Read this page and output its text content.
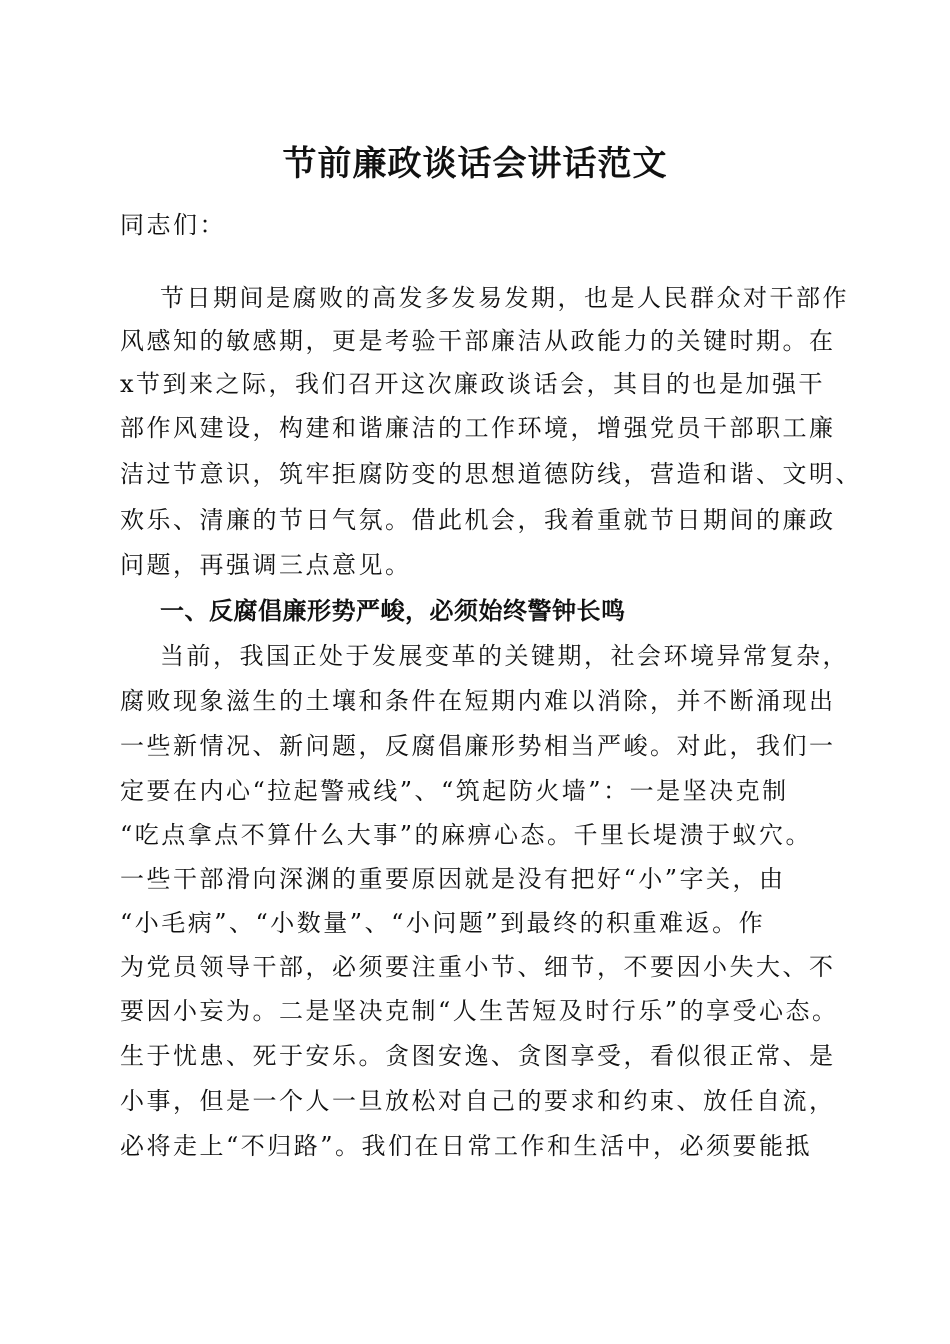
节前廉政谈话会讲话范文

同志们：

节日期间是腐败的高发多发易发期，也是人民群众对干部作

风感知的敏感期，更是考验干部廉洁从政能力的关键时期。在

x节到来之际，我们召开这次廉政谈话会，其目的也是加强干

部作风建设，构建和谐廉洁的工作环境，增强党员干部职工廉

洁过节意识，筑牢拒腐防变的思想道德防线，营造和谐、文明、

欢乐、清廉的节日气氛。借此机会，我着重就节日期间的廉政

问题，再强调三点意见。

一、反腐倡廉形势严峻，必须始终警钟长鸣

当前，我国正处于发展变革的关键期，社会环境异常复杂，

腐败现象滋生的土壤和条件在短期内难以消除，并不断涌现出

一些新情况、新问题，反腐倡廉形势相当严峻。对此，我们一

定要在内心“拉起警戒线”、“筑起防火墙”：一是坚决克制

“吃点拿点不算什么大事”的麻痹心态。千里长堤溃于蚁穴。

一些干部滑向深渊的重要原因就是没有把好“小”字关，由

“小毛病”、“小数量”、“小问题”到最终的积重难返。作

为党员领导干部，必须要注重小节、细节，不要因小失大、不

要因小妄为。二是坚决克制“人生苦短及时行乐”的享受心态。

生于忧患、死于安乐。贪图安逸、贪图享受，看似很正常、是

小事，但是一个人一旦放松对自己的要求和约束、放任自流，

必将走上“不归路”。我们在日常工作和生活中，必须要能抵
